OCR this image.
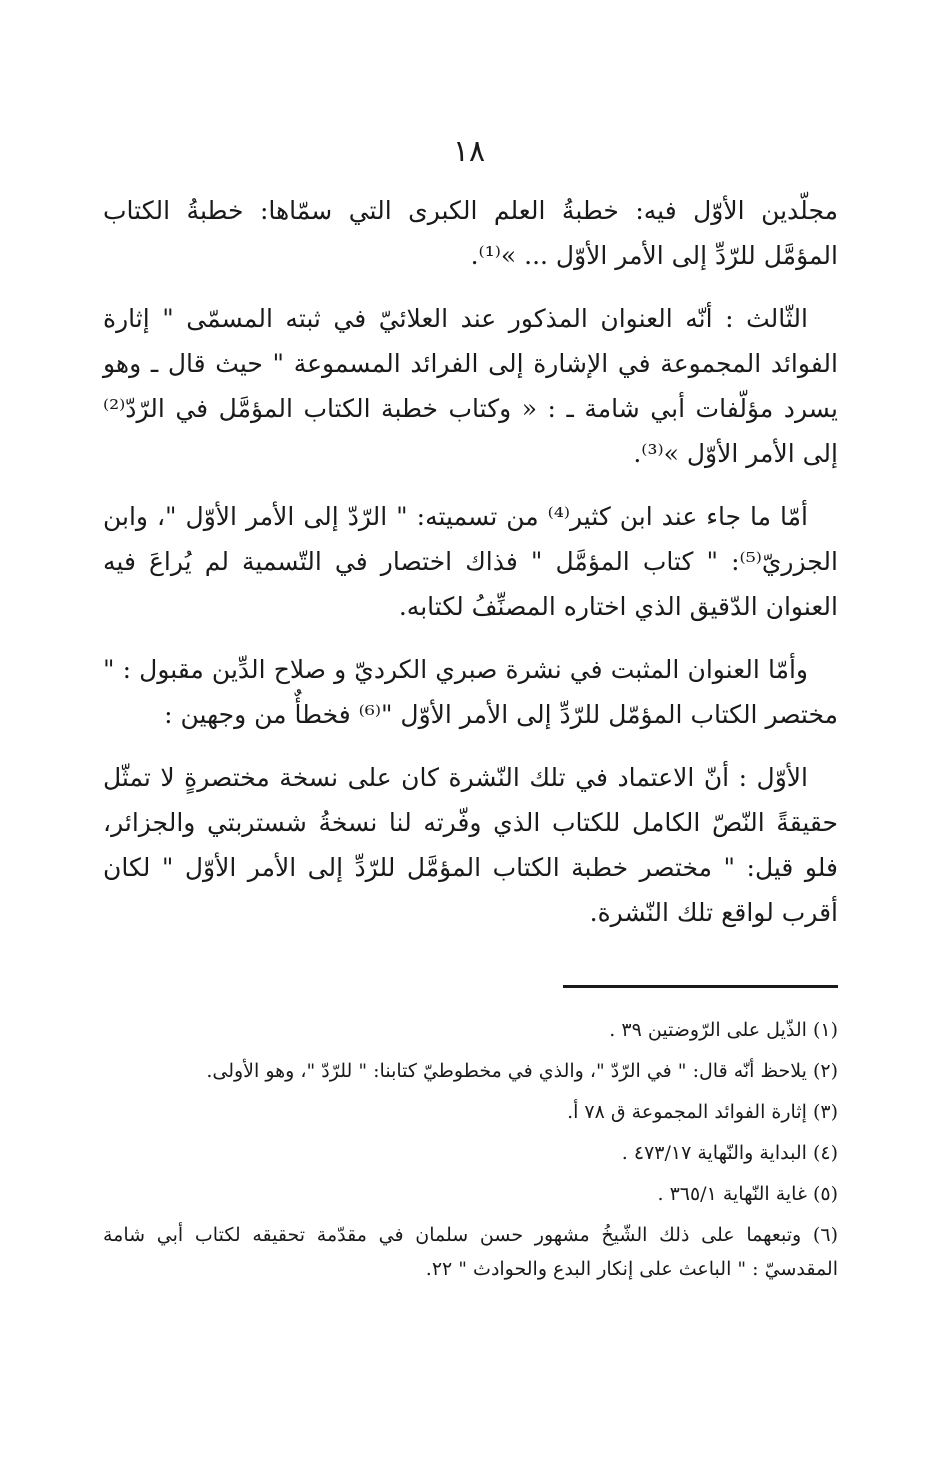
١٨

مجلّدين الأوّل فيه: خطبةُ العلم الكبرى التي سمّاها: خطبةُ الكتاب المؤمَّل للرّدِّ إلى الأمر الأوّل ... »⁽¹⁾.

الثّالث : أنّه العنوان المذكور عند العلائيّ في ثبته المسمّى " إثارة الفوائد المجموعة في الإشارة إلى الفرائد المسموعة " حيث قال ـ وهو يسرد مؤلّفات أبي شامة ـ : « وكتاب خطبة الكتاب المؤمَّل في الرّدّ⁽²⁾ إلى الأمر الأوّل »⁽³⁾.

أمّا ما جاء عند ابن كثير⁽⁴⁾ من تسميته: " الرّدّ إلى الأمر الأوّل "، وابن الجزريّ⁽⁵⁾: " كتاب المؤمَّل " فذاك اختصار في التّسمية لم يُراعَ فيه العنوان الدّقيق الذي اختاره المصنِّفُ لكتابه.

وأمّا العنوان المثبت في نشرة صبري الكرديّ و صلاح الدِّين مقبول : " مختصر الكتاب المؤمّل للرّدِّ إلى الأمر الأوّل "⁽⁶⁾ فخطأٌ من وجهين :

الأوّل : أنّ الاعتماد في تلك النّشرة كان على نسخة مختصرةٍ لا تمثّل حقيقةً النّصّ الكامل للكتاب الذي وفّرته لنا نسخةُ شستربتي والجزائر، فلو قيل: " مختصر خطبة الكتاب المؤمَّل للرّدِّ إلى الأمر الأوّل " لكان أقرب لواقع تلك النّشرة.

(١) الذّيل على الرّوضتين ٣٩ .
(٢) يلاحظ أنّه قال: " في الرّدّ "، والذي في مخطوطيّ كتابنا: " للرّدّ "، وهو الأولى.
(٣) إثارة الفوائد المجموعة ق ٧٨ أ.
(٤) البداية والنّهاية ٤٧٣/١٧ .
(٥) غاية النّهاية ٣٦٥/١ .
(٦) وتبعهما على ذلك الشّيخُ مشهور حسن سلمان في مقدّمة تحقيقه لكتاب أبي شامة المقدسيّ : " الباعث على إنكار البدع والحوادث " ٢٢.
